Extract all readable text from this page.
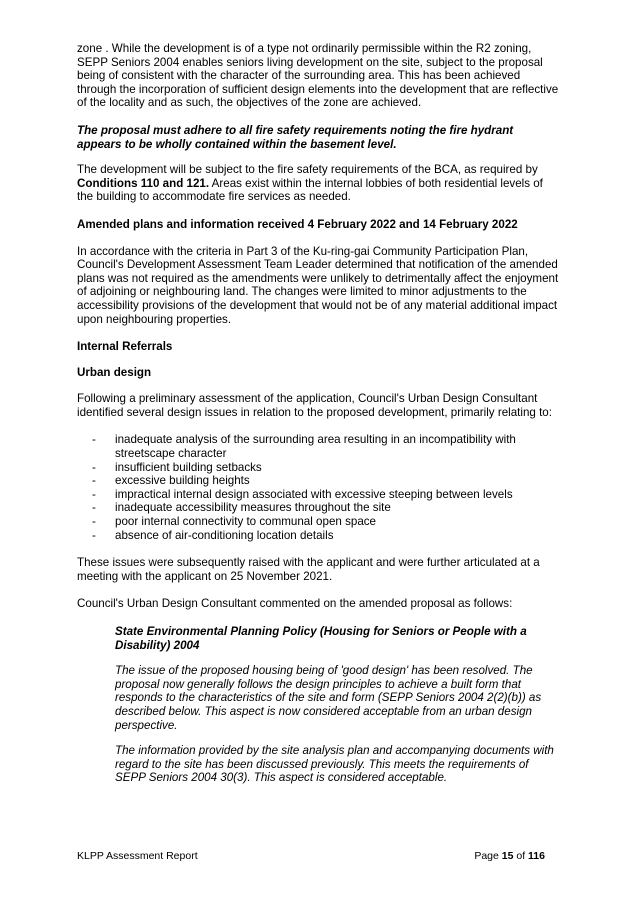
zone . While the development is of a type not ordinarily permissible within the R2 zoning, SEPP Seniors 2004 enables seniors living development on the site, subject to the proposal being of consistent with the character of the surrounding area. This has been achieved through the incorporation of sufficient design elements into the development that are reflective of the locality and as such, the objectives of the zone are achieved.

The proposal must adhere to all fire safety requirements noting the fire hydrant appears to be wholly contained within the basement level.

The development will be subject to the fire safety requirements of the BCA, as required by Conditions 110 and 121. Areas exist within the internal lobbies of both residential levels of the building to accommodate fire services as needed.

Amended plans and information received 4 February 2022 and 14 February 2022

In accordance with the criteria in Part 3 of the Ku-ring-gai Community Participation Plan, Council's Development Assessment Team Leader determined that notification of the amended plans was not required as the amendments were unlikely to detrimentally affect the enjoyment of adjoining or neighbouring land. The changes were limited to minor adjustments to the accessibility provisions of the development that would not be of any material additional impact upon neighbouring properties.

Internal Referrals

Urban design

Following a preliminary assessment of the application, Council's Urban Design Consultant identified several design issues in relation to the proposed development, primarily relating to:

- inadequate analysis of the surrounding area resulting in an incompatibility with streetscape character
- insufficient building setbacks
- excessive building heights
- impractical internal design associated with excessive steeping between levels
- inadequate accessibility measures throughout the site
- poor internal connectivity to communal open space
- absence of air-conditioning location details

These issues were subsequently raised with the applicant and were further articulated at a meeting with the applicant on 25 November 2021.

Council's Urban Design Consultant commented on the amended proposal as follows:

State Environmental Planning Policy (Housing for Seniors or People with a Disability) 2004

The issue of the proposed housing being of 'good design' has been resolved. The proposal now generally follows the design principles to achieve a built form that responds to the characteristics of the site and form (SEPP Seniors 2004 2(2)(b)) as described below. This aspect is now considered acceptable from an urban design perspective.

The information provided by the site analysis plan and accompanying documents with regard to the site has been discussed previously. This meets the requirements of SEPP Seniors 2004 30(3). This aspect is considered acceptable.

KLPP Assessment Report	Page 15 of 116
